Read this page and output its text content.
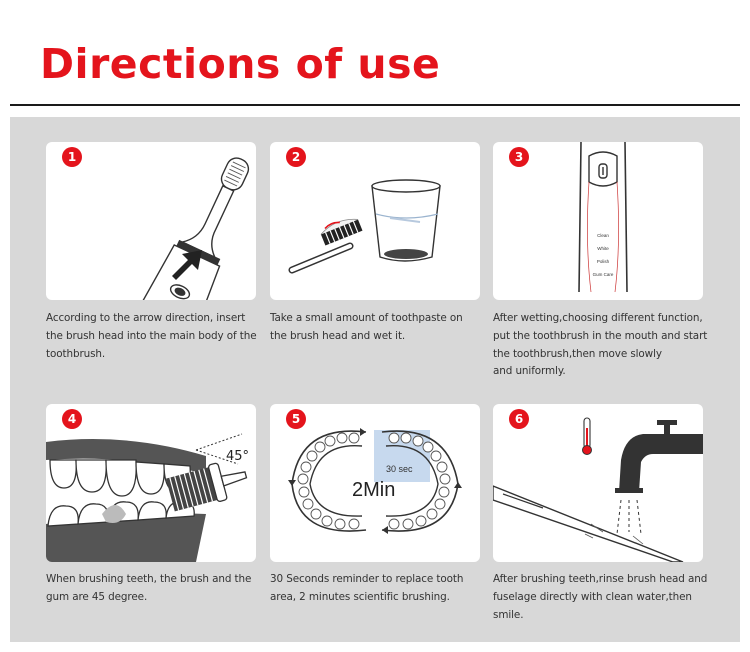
Directions of use
1
According to the arrow direction, insert
the brush head into the main body of the
toothbrush.
2
Take a small amount of toothpaste on
the brush head and wet it.
3
Clean
White
Polish
Gum Care
After wetting,choosing different function,
put the toothbrush in the mouth and start
the toothbrush,then move slowly
and uniformly.
4
45°
When brushing teeth, the brush and the
gum are 45 degree.
5
30 sec
2Min
30 Seconds reminder to replace tooth
area, 2 minutes scientific brushing.
6
After brushing teeth,rinse brush head and
fuselage directly with clean water,then
smile.
